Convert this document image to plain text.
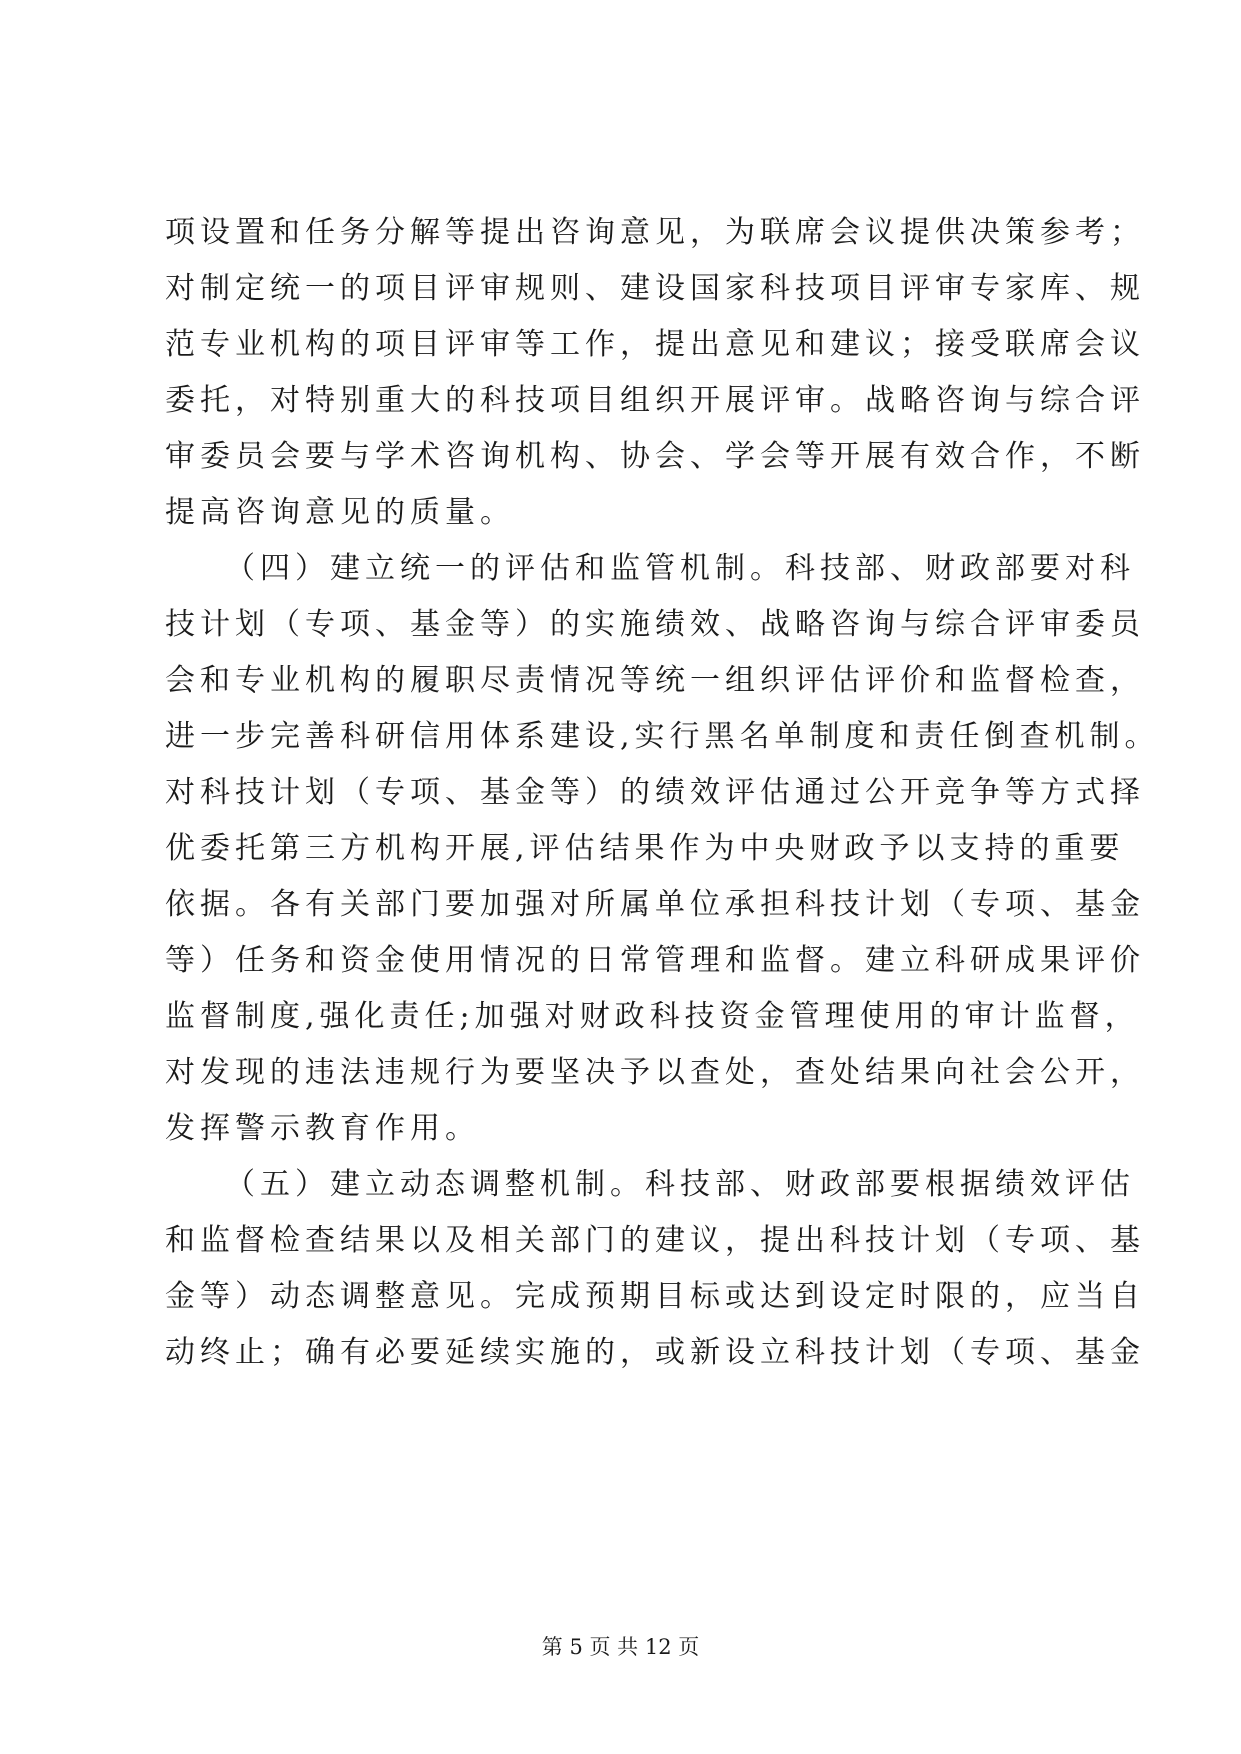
项设置和任务分解等提出咨询意见，为联席会议提供决策参考；
对制定统一的项目评审规则、建设国家科技项目评审专家库、规
范专业机构的项目评审等工作，提出意见和建议；接受联席会议
委托，对特别重大的科技项目组织开展评审。战略咨询与综合评
审委员会要与学术咨询机构、协会、学会等开展有效合作，不断
提高咨询意见的质量。
（四）建立统一的评估和监管机制。科技部、财政部要对科
技计划（专项、基金等）的实施绩效、战略咨询与综合评审委员
会和专业机构的履职尽责情况等统一组织评估评价和监督检查，
进一步完善科研信用体系建设,实行黑名单制度和责任倒查机制。
对科技计划（专项、基金等）的绩效评估通过公开竞争等方式择
优委托第三方机构开展,评估结果作为中央财政予以支持的重要
依据。各有关部门要加强对所属单位承担科技计划（专项、基金
等）任务和资金使用情况的日常管理和监督。建立科研成果评价
监督制度,强化责任;加强对财政科技资金管理使用的审计监督，
对发现的违法违规行为要坚决予以查处，查处结果向社会公开，
发挥警示教育作用。
（五）建立动态调整机制。科技部、财政部要根据绩效评估
和监督检查结果以及相关部门的建议，提出科技计划（专项、基
金等）动态调整意见。完成预期目标或达到设定时限的，应当自
动终止；确有必要延续实施的，或新设立科技计划（专项、基金
第 5 页 共 12 页
